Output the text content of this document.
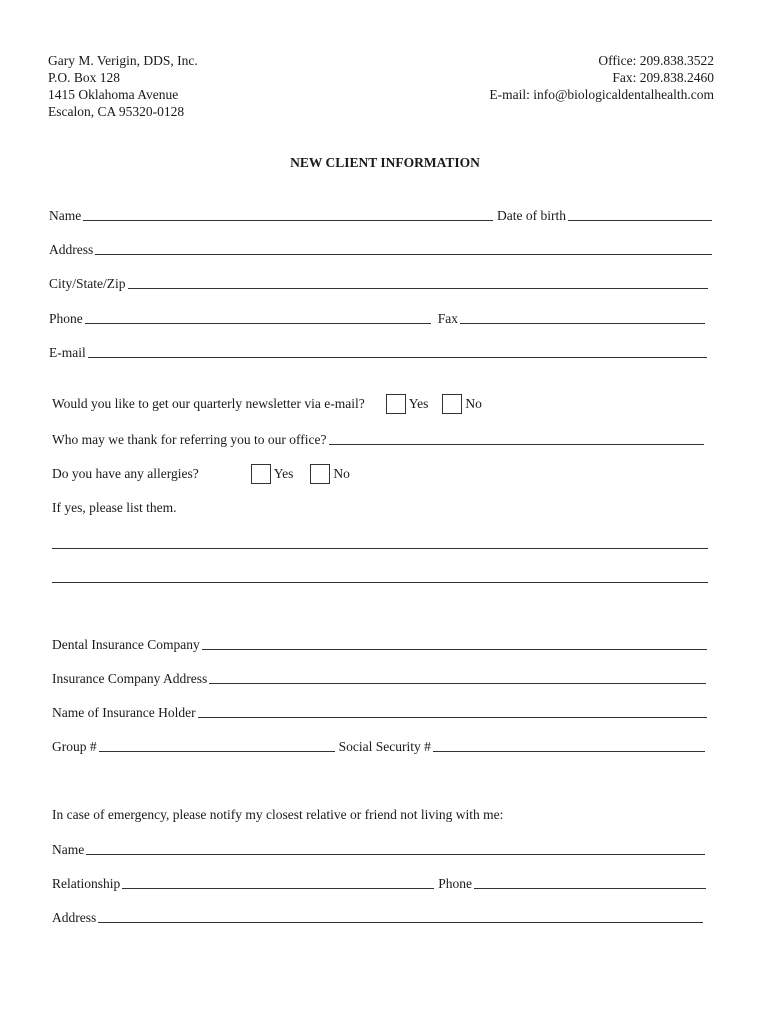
Gary M. Verigin, DDS, Inc.
P.O. Box 128
1415 Oklahoma Avenue
Escalon, CA 95320-0128
Office: 209.838.3522
Fax: 209.838.2460
E-mail: info@biologicaldentalhealth.com
NEW CLIENT INFORMATION
Name	Date of birth
Address
City/State/Zip
Phone	Fax
E-mail
Would you like to get our quarterly newsletter via e-mail?	Yes	No
Who may we thank for referring you to our office?
Do you have any allergies?	Yes	No
If yes, please list them.
Dental Insurance Company
Insurance Company Address
Name of Insurance Holder
Group #	Social Security #
In case of emergency, please notify my closest relative or friend not living with me:
Name
Relationship	Phone
Address
